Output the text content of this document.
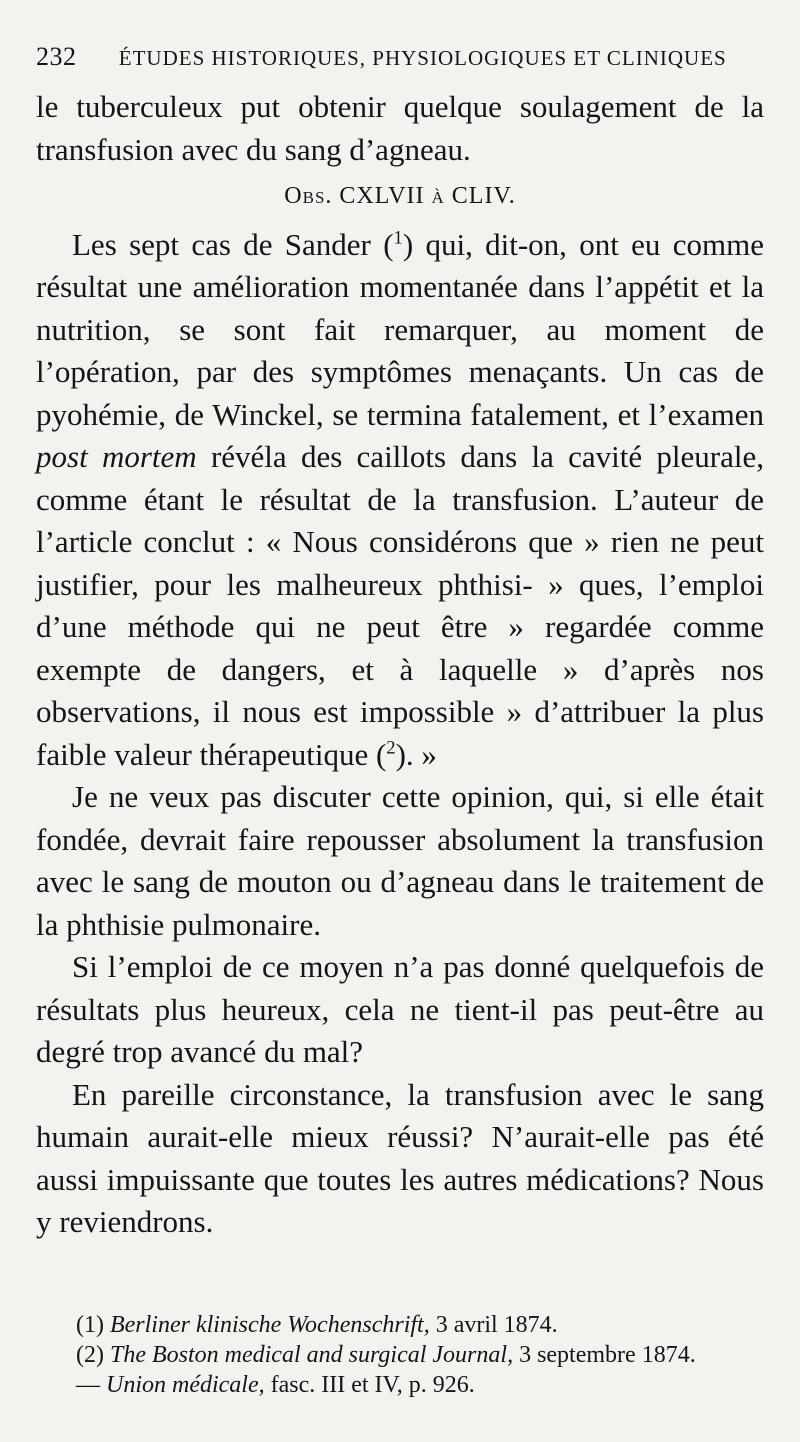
232 ÉTUDES HISTORIQUES, PHYSIOLOGIQUES ET CLINIQUES

le tuberculeux put obtenir quelque soulagement de la transfusion avec du sang d’agneau.

Obs. CXLVII à CLIV.

Les sept cas de Sander ($^1$) qui, dit-on, ont eu comme résultat une amélioration momentanée dans l’appétit et la nutrition, se sont fait remarquer, au moment de l’opération, par des symptômes menaçants. Un cas de pyohémie, de Winckel, se termina fatalement, et l’examen post mortem révéla des caillots dans la cavité pleurale, comme étant le résultat de la transfusion. L’auteur de l’article conclut : « Nous considérons que » rien ne peut justifier, pour les malheureux phthisi- » ques, l’emploi d’une méthode qui ne peut être » regardée comme exempte de dangers, et à laquelle » d’après nos observations, il nous est impossible » d’attribuer la plus faible valeur thérapeutique ($^2$). »

Je ne veux pas discuter cette opinion, qui, si elle était fondée, devrait faire repousser absolument la transfusion avec le sang de mouton ou d’agneau dans le traitement de la phthisie pulmonaire.

Si l’emploi de ce moyen n’a pas donné quelquefois de résultats plus heureux, cela ne tient-il pas peut-être au degré trop avancé du mal?

En pareille circonstance, la transfusion avec le sang humain aurait-elle mieux réussi? N’aurait-elle pas été aussi impuissante que toutes les autres médications? Nous y reviendrons.

(1) Berliner klinische Wochenschrift, 3 avril 1874.
(2) The Boston medical and surgical Journal, 3 septembre 1874.
— Union médicale, fasc. III et IV, p. 926.
